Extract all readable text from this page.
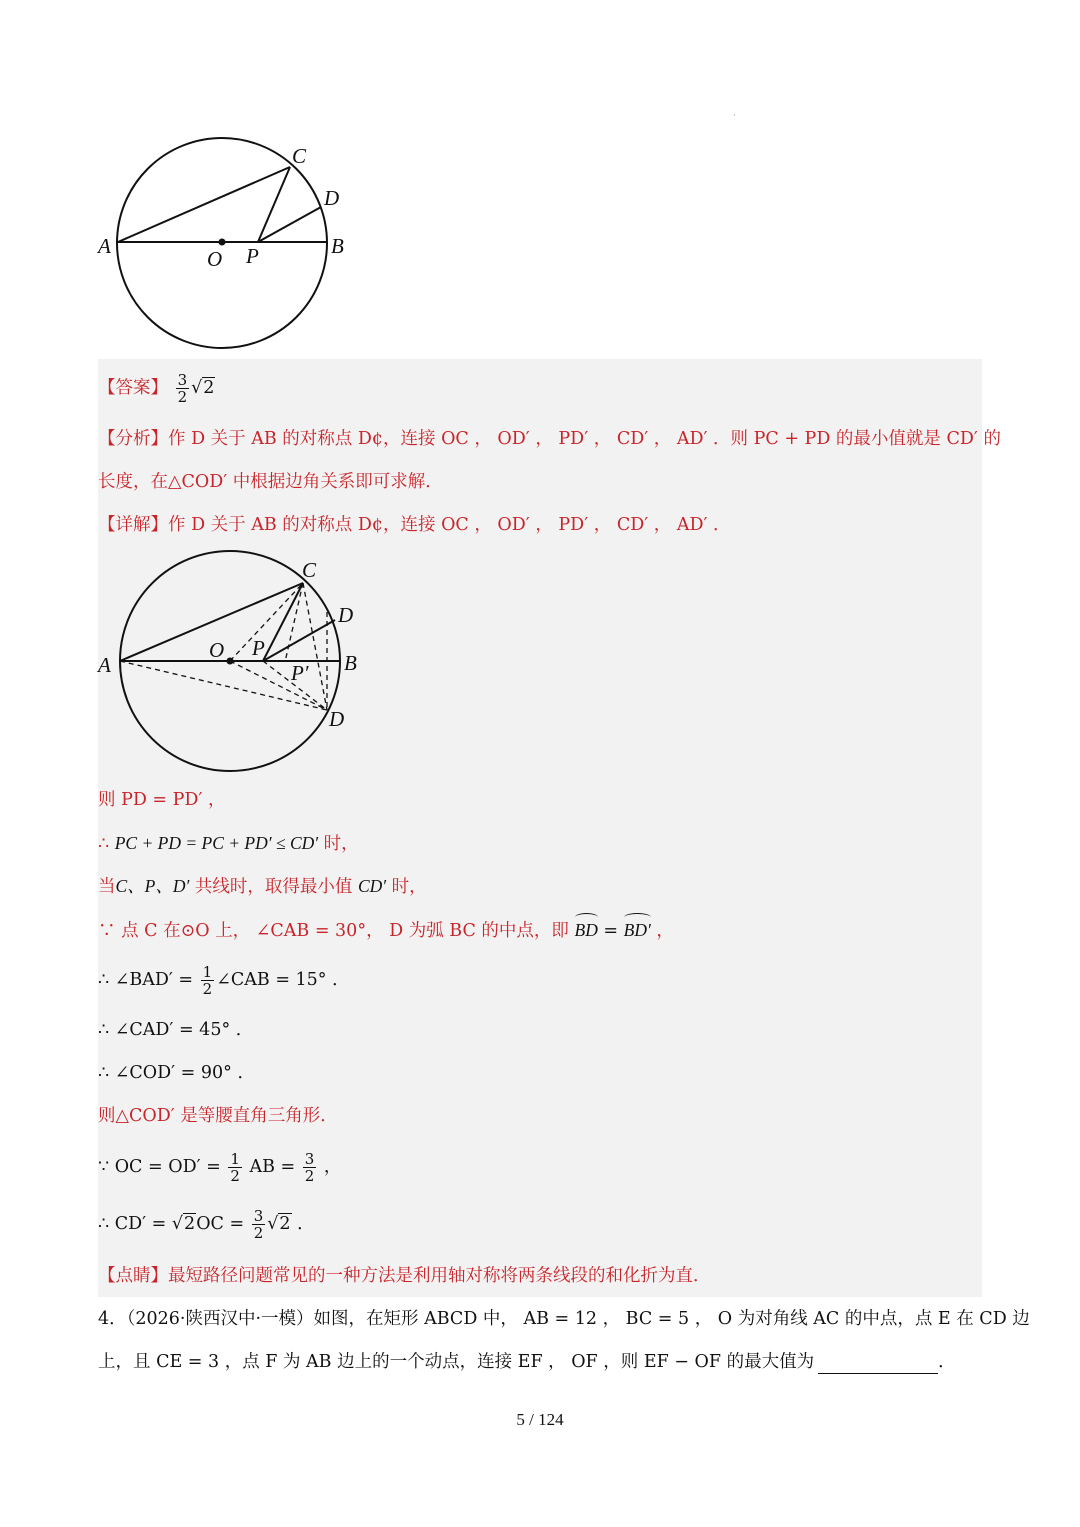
·
A	B
C
D
O P
【答案】 $\frac{3}{2} √2$
【分析】作 D 关于 AB 的对称点 D¢，连接 OC ， OD′ ， PD′ ， CD′ ， AD′ ．则 PC + PD 的最小值就是 CD′ 的
长度，在△COD′ 中根据边角关系即可求解．
【详解】作 D 关于 AB 的对称点 D¢，连接 OC ， OD′ ， PD′ ， CD′ ， AD′ ．
A	B
C
D
D
O P
P′
则 PD = PD′ ，
∴ PC + PD = PC + PD′ ≤ CD′ 时，
当C、P、D′ 共线时，取得最小值 CD′ 时，
∵ 点 C 在⊙O 上， ∠CAB = 30°， D 为弧 BC 的中点，即 BD = BD′ ，
∴ ∠BAD′ = $\frac{1}{2}$ ∠CAB = 15° ．
∴ ∠CAD′ = 45° ．
∴ ∠COD′ = 90° ．
则△COD′ 是等腰直角三角形．
∵ OC = $OD' = \frac{1}{2}$ AB = $\frac{3}{2}$ ，
∴ $CD' = √2OC = \frac{3}{2} √2$ ．
【点睛】最短路径问题常见的一种方法是利用轴对称将两条线段的和化折为直．
4．（2026·陕西汉中·一模）如图，在矩形 ABCD 中， AB = 12 ， BC = 5 ， O 为对角线 AC 的中点，点 E 在 CD 边
上，且 CE = 3 ，点 F 为 AB 边上的一个动点，连接 EF ， OF ，则 EF − OF 的最大值为	．
5 / 124
